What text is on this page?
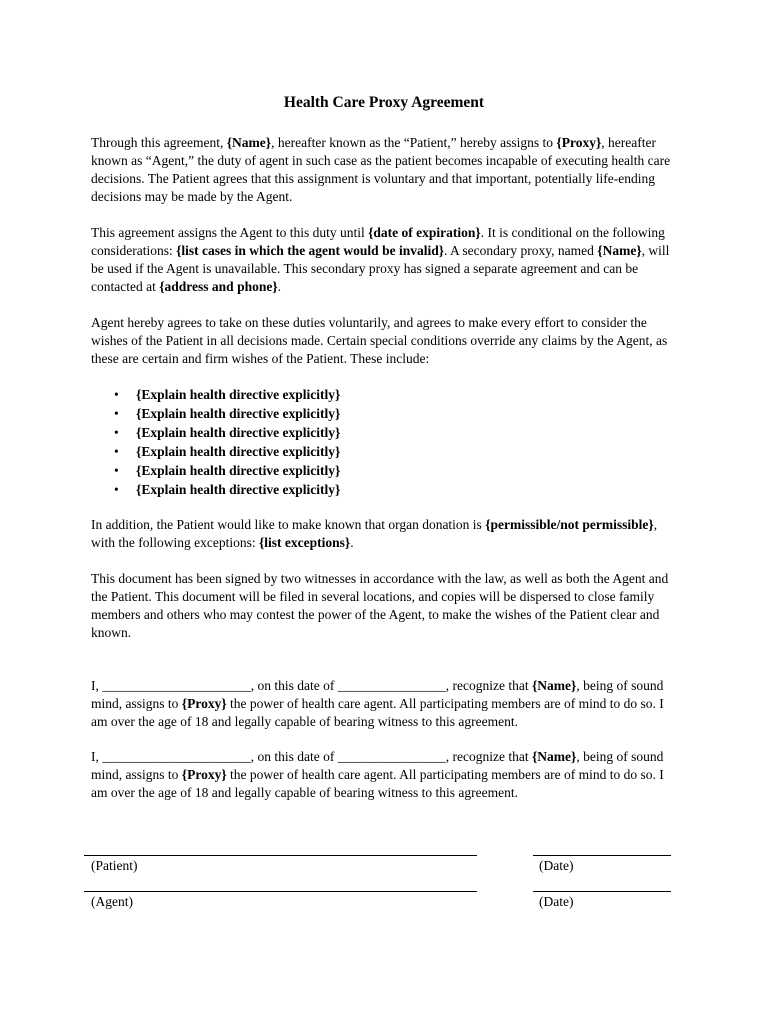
Health Care Proxy Agreement

Through this agreement, {Name}, hereafter known as the “Patient,” hereby assigns to {Proxy}, hereafter known as “Agent,” the duty of agent in such case as the patient becomes incapable of executing health care decisions. The Patient agrees that this assignment is voluntary and that important, potentially life-ending decisions may be made by the Agent.

This agreement assigns the Agent to this duty until {date of expiration}. It is conditional on the following considerations: {list cases in which the agent would be invalid}. A secondary proxy, named {Name}, will be used if the Agent is unavailable. This secondary proxy has signed a separate agreement and can be contacted at {address and phone}.

Agent hereby agrees to take on these duties voluntarily, and agrees to make every effort to consider the wishes of the Patient in all decisions made. Certain special conditions override any claims by the Agent, as these are certain and firm wishes of the Patient. These include:

• {Explain health directive explicitly}
• {Explain health directive explicitly}
• {Explain health directive explicitly}
• {Explain health directive explicitly}
• {Explain health directive explicitly}
• {Explain health directive explicitly}

In addition, the Patient would like to make known that organ donation is {permissible/not permissible}, with the following exceptions: {list exceptions}.

This document has been signed by two witnesses in accordance with the law, as well as both the Agent and the Patient. This document will be filed in several locations, and copies will be dispersed to close family members and others who may contest the power of the Agent, to make the wishes of the Patient clear and known.

I, ______________________, on this date of ________________, recognize that {Name}, being of sound mind, assigns to {Proxy} the power of health care agent. All participating members are of mind to do so. I am over the age of 18 and legally capable of bearing witness to this agreement.

I, ______________________, on this date of ________________, recognize that {Name}, being of sound mind, assigns to {Proxy} the power of health care agent. All participating members are of mind to do so. I am over the age of 18 and legally capable of bearing witness to this agreement.

(Patient)	(Date)
(Agent)	(Date)
